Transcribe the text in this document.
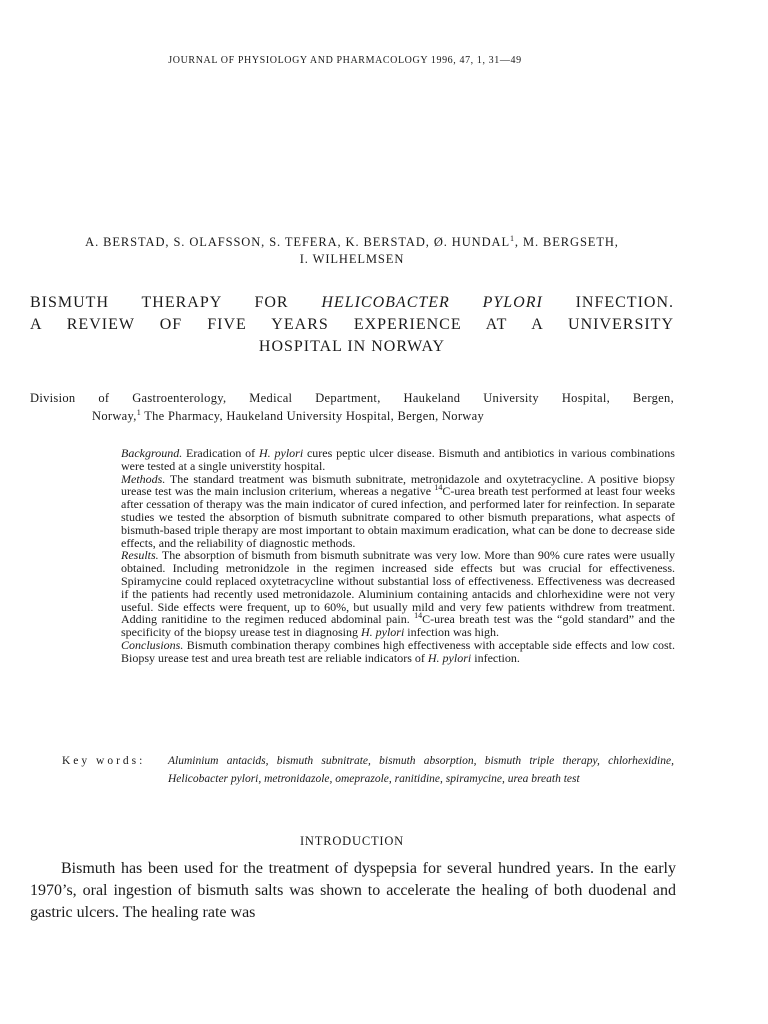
JOURNAL OF PHYSIOLOGY AND PHARMACOLOGY 1996, 47, 1, 31—49
A. BERSTAD, S. OLAFSSON, S. TEFERA, K. BERSTAD, Ø. HUNDAL$^1$, M. BERGSETH,
I. WILHELMSEN
BISMUTH THERAPY FOR HELICOBACTER PYLORI INFECTION.
A REVIEW OF FIVE YEARS EXPERIENCE AT A UNIVERSITY
HOSPITAL IN NORWAY
Division of Gastroenterology, Medical Department, Haukeland University Hospital, Bergen,
Norway,$^1$ The Pharmacy, Haukeland University Hospital, Bergen, Norway
Background. Eradication of H. pylori cures peptic ulcer disease. Bismuth and antibiotics in various combinations were tested at a single universtity hospital.
Methods. The standard treatment was bismuth subnitrate, metronidazole and oxytetracycline. A positive biopsy urease test was the main inclusion criterium, whereas a negative $^{14}$C-urea breath test performed at least four weeks after cessation of therapy was the main indicator of cured infection, and performed later for reinfection. In separate studies we tested the absorption of bismuth subnitrate compared to other bismuth preparations, what aspects of bismuth-based triple therapy are most important to obtain maximum eradication, what can be done to decrease side effects, and the reliability of diagnostic methods.
Results. The absorption of bismuth from bismuth subnitrate was very low. More than 90% cure rates were usually obtained. Including metronidzole in the regimen increased side effects but was crucial for effectiveness. Spiramycine could replaced oxytetracycline without substantial loss of effectiveness. Effectiveness was decreased if the patients had recently used metronidazole. Aluminium containing antacids and chlorhexidine were not very useful. Side effects were frequent, up to 60%, but usually mild and very few patients withdrew from treatment. Adding ranitidine to the regimen reduced abdominal pain. $^{14}$C-urea breath test was the “gold standard” and the specificity of the biopsy urease test in diagnosing H. pylori infection was high.
Conclusions. Bismuth combination therapy combines high effectiveness with acceptable side effects and low cost. Biopsy urease test and urea breath test are reliable indicators of H. pylori infection.
Key words: Aluminium antacids, bismuth subnitrate, bismuth absorption, bismuth triple therapy, chlorhexidine, Helicobacter pylori, metronidazole, omeprazole, ranitidine, spiramycine, urea breath test
INTRODUCTION
Bismuth has been used for the treatment of dyspepsia for several hundred years. In the early 1970’s, oral ingestion of bismuth salts was shown to accelerate the healing of both duodenal and gastric ulcers. The healing rate was
